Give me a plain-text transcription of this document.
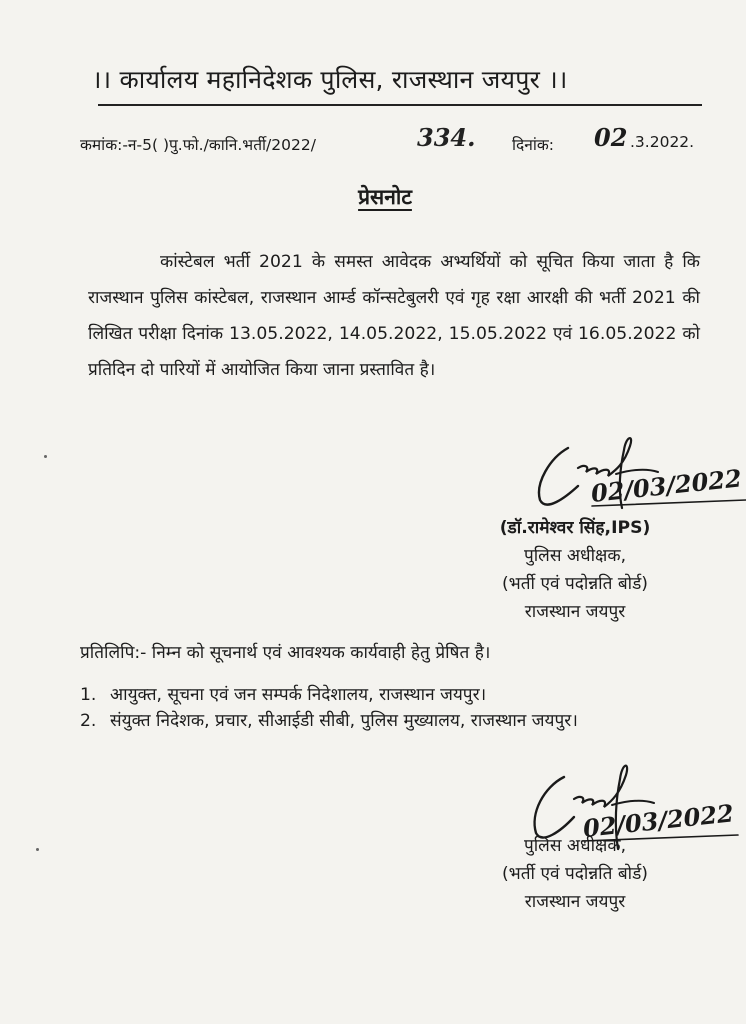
।। कार्यालय महानिदेशक पुलिस, राजस्थान जयपुर ।।
कमांक:-न-5( )पु.फो./कानि.भर्ती/2022/	334. दिनांक: 02 .3.2022.
प्रेसनोट
कांस्टेबल भर्ती 2021 के समस्त आवेदक अभ्यर्थियों को सूचित किया जाता है कि राजस्थान पुलिस कांस्टेबल, राजस्थान आर्म्ड कॉन्सटेबुलरी एवं गृह रक्षा आरक्षी की भर्ती 2021 की लिखित परीक्षा दिनांक 13.05.2022, 14.05.2022, 15.05.2022 एवं 16.05.2022 को प्रतिदिन दो पारियों में आयोजित किया जाना प्रस्तावित है।
02/03/2022
(डॉ.रामेश्वर सिंह,IPS)
पुलिस अधीक्षक,
(भर्ती एवं पदोन्नति बोर्ड)
राजस्थान जयपुर
प्रतिलिपि:- निम्न को सूचनार्थ एवं आवश्यक कार्यवाही हेतु प्रेषित है।
1. आयुक्त, सूचना एवं जन सम्पर्क निदेशालय, राजस्थान जयपुर।
2. संयुक्त निदेशक, प्रचार, सीआईडी सीबी, पुलिस मुख्यालय, राजस्थान जयपुर।
02/03/2022
पुलिस अधीक्षक,
(भर्ती एवं पदोन्नति बोर्ड)
राजस्थान जयपुर
